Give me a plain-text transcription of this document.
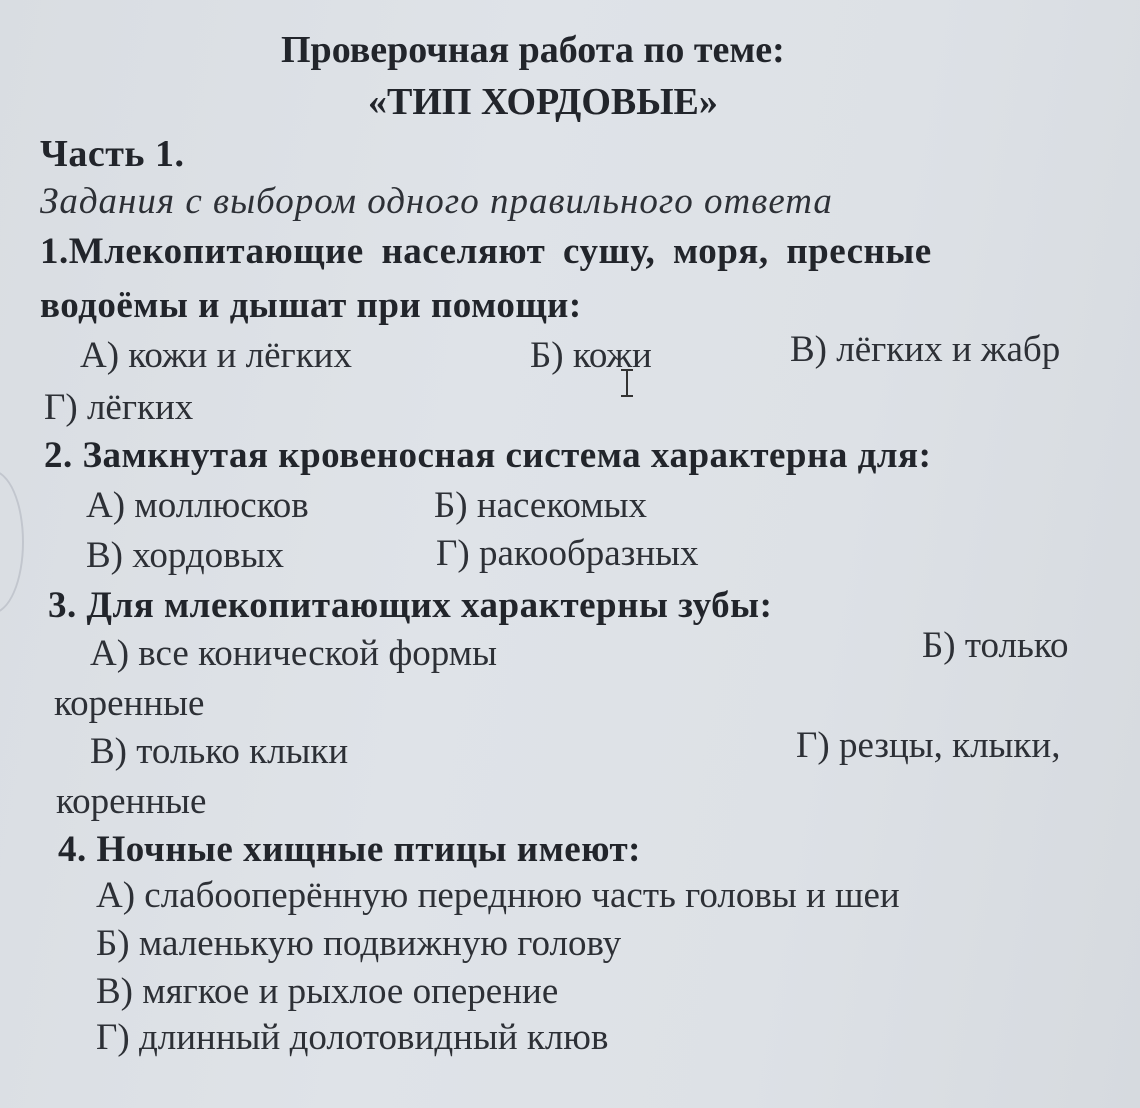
Проверочная работа по теме:
«ТИП ХОРДОВЫЕ»
Часть 1.
Задания с выбором одного правильного ответа
1.Млекопитающие населяют сушу, моря, пресные
водоёмы и дышат при помощи:
А) кожи и лёгких	Б) кожи	В) лёгких и жабр
Г) лёгких
2. Замкнутая кровеносная система характерна для:
А) моллюсков	Б) насекомых
В) хордовых	Г) ракообразных
3. Для млекопитающих характерны зубы:
А) все конической формы	Б) только
коренные
В) только клыки	Г) резцы, клыки,
коренные
4. Ночные хищные птицы имеют:
А) слабооперённую переднюю часть головы и шеи
Б) маленькую подвижную голову
В) мягкое и рыхлое оперение
Г) длинный долотовидный клюв
